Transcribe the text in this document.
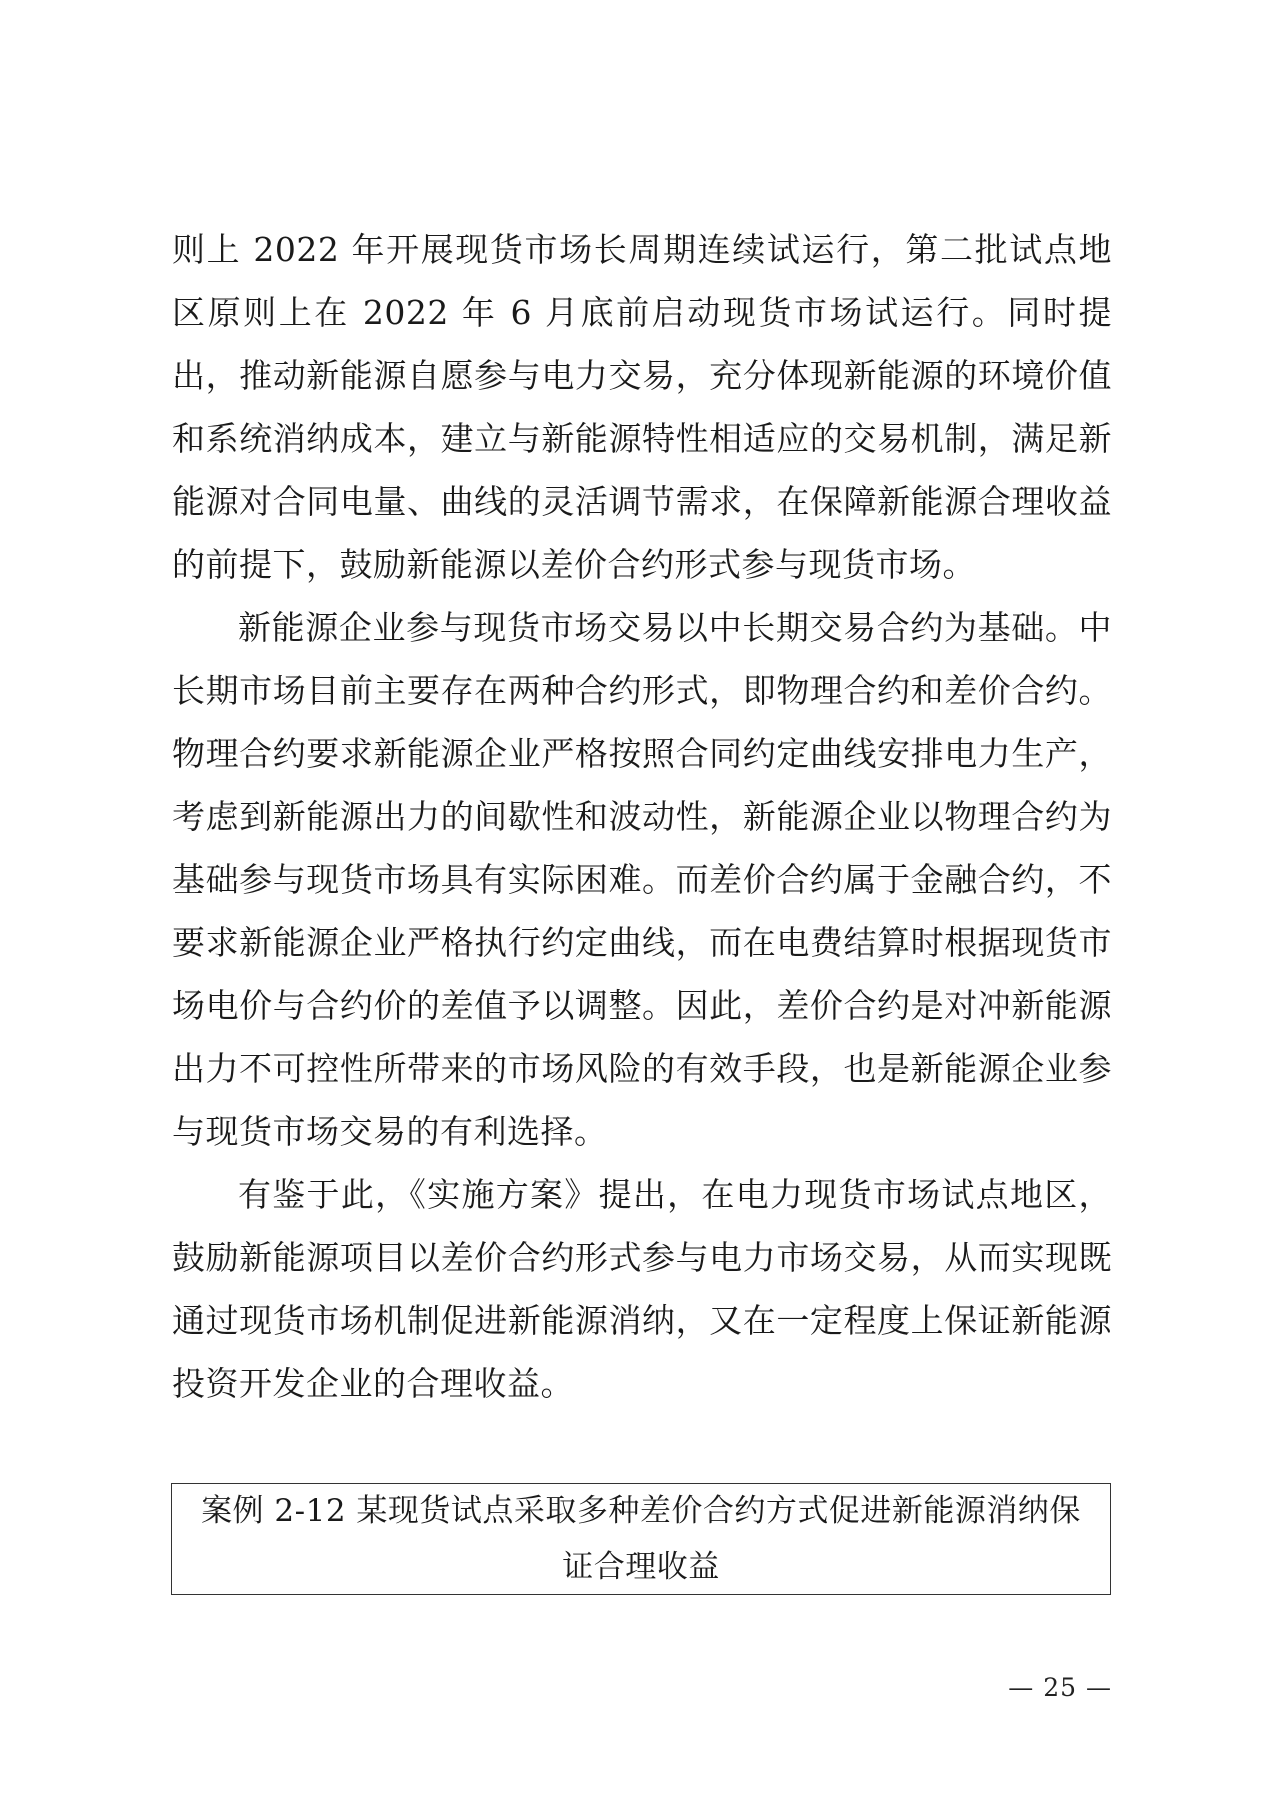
则上 2022 年开展现货市场长周期连续试运行，第二批试点地区原则上在 2022 年 6 月底前启动现货市场试运行。同时提出，推动新能源自愿参与电力交易，充分体现新能源的环境价值和系统消纳成本，建立与新能源特性相适应的交易机制，满足新能源对合同电量、曲线的灵活调节需求，在保障新能源合理收益的前提下，鼓励新能源以差价合约形式参与现货市场。

新能源企业参与现货市场交易以中长期交易合约为基础。中长期市场目前主要存在两种合约形式，即物理合约和差价合约。物理合约要求新能源企业严格按照合同约定曲线安排电力生产，考虑到新能源出力的间歇性和波动性，新能源企业以物理合约为基础参与现货市场具有实际困难。而差价合约属于金融合约，不要求新能源企业严格执行约定曲线，而在电费结算时根据现货市场电价与合约价的差值予以调整。因此，差价合约是对冲新能源出力不可控性所带来的市场风险的有效手段，也是新能源企业参与现货市场交易的有利选择。

有鉴于此，《实施方案》提出，在电力现货市场试点地区，鼓励新能源项目以差价合约形式参与电力市场交易，从而实现既通过现货市场机制促进新能源消纳，又在一定程度上保证新能源投资开发企业的合理收益。

案例 2-12 某现货试点采取多种差价合约方式促进新能源消纳保证合理收益
— 25 —
